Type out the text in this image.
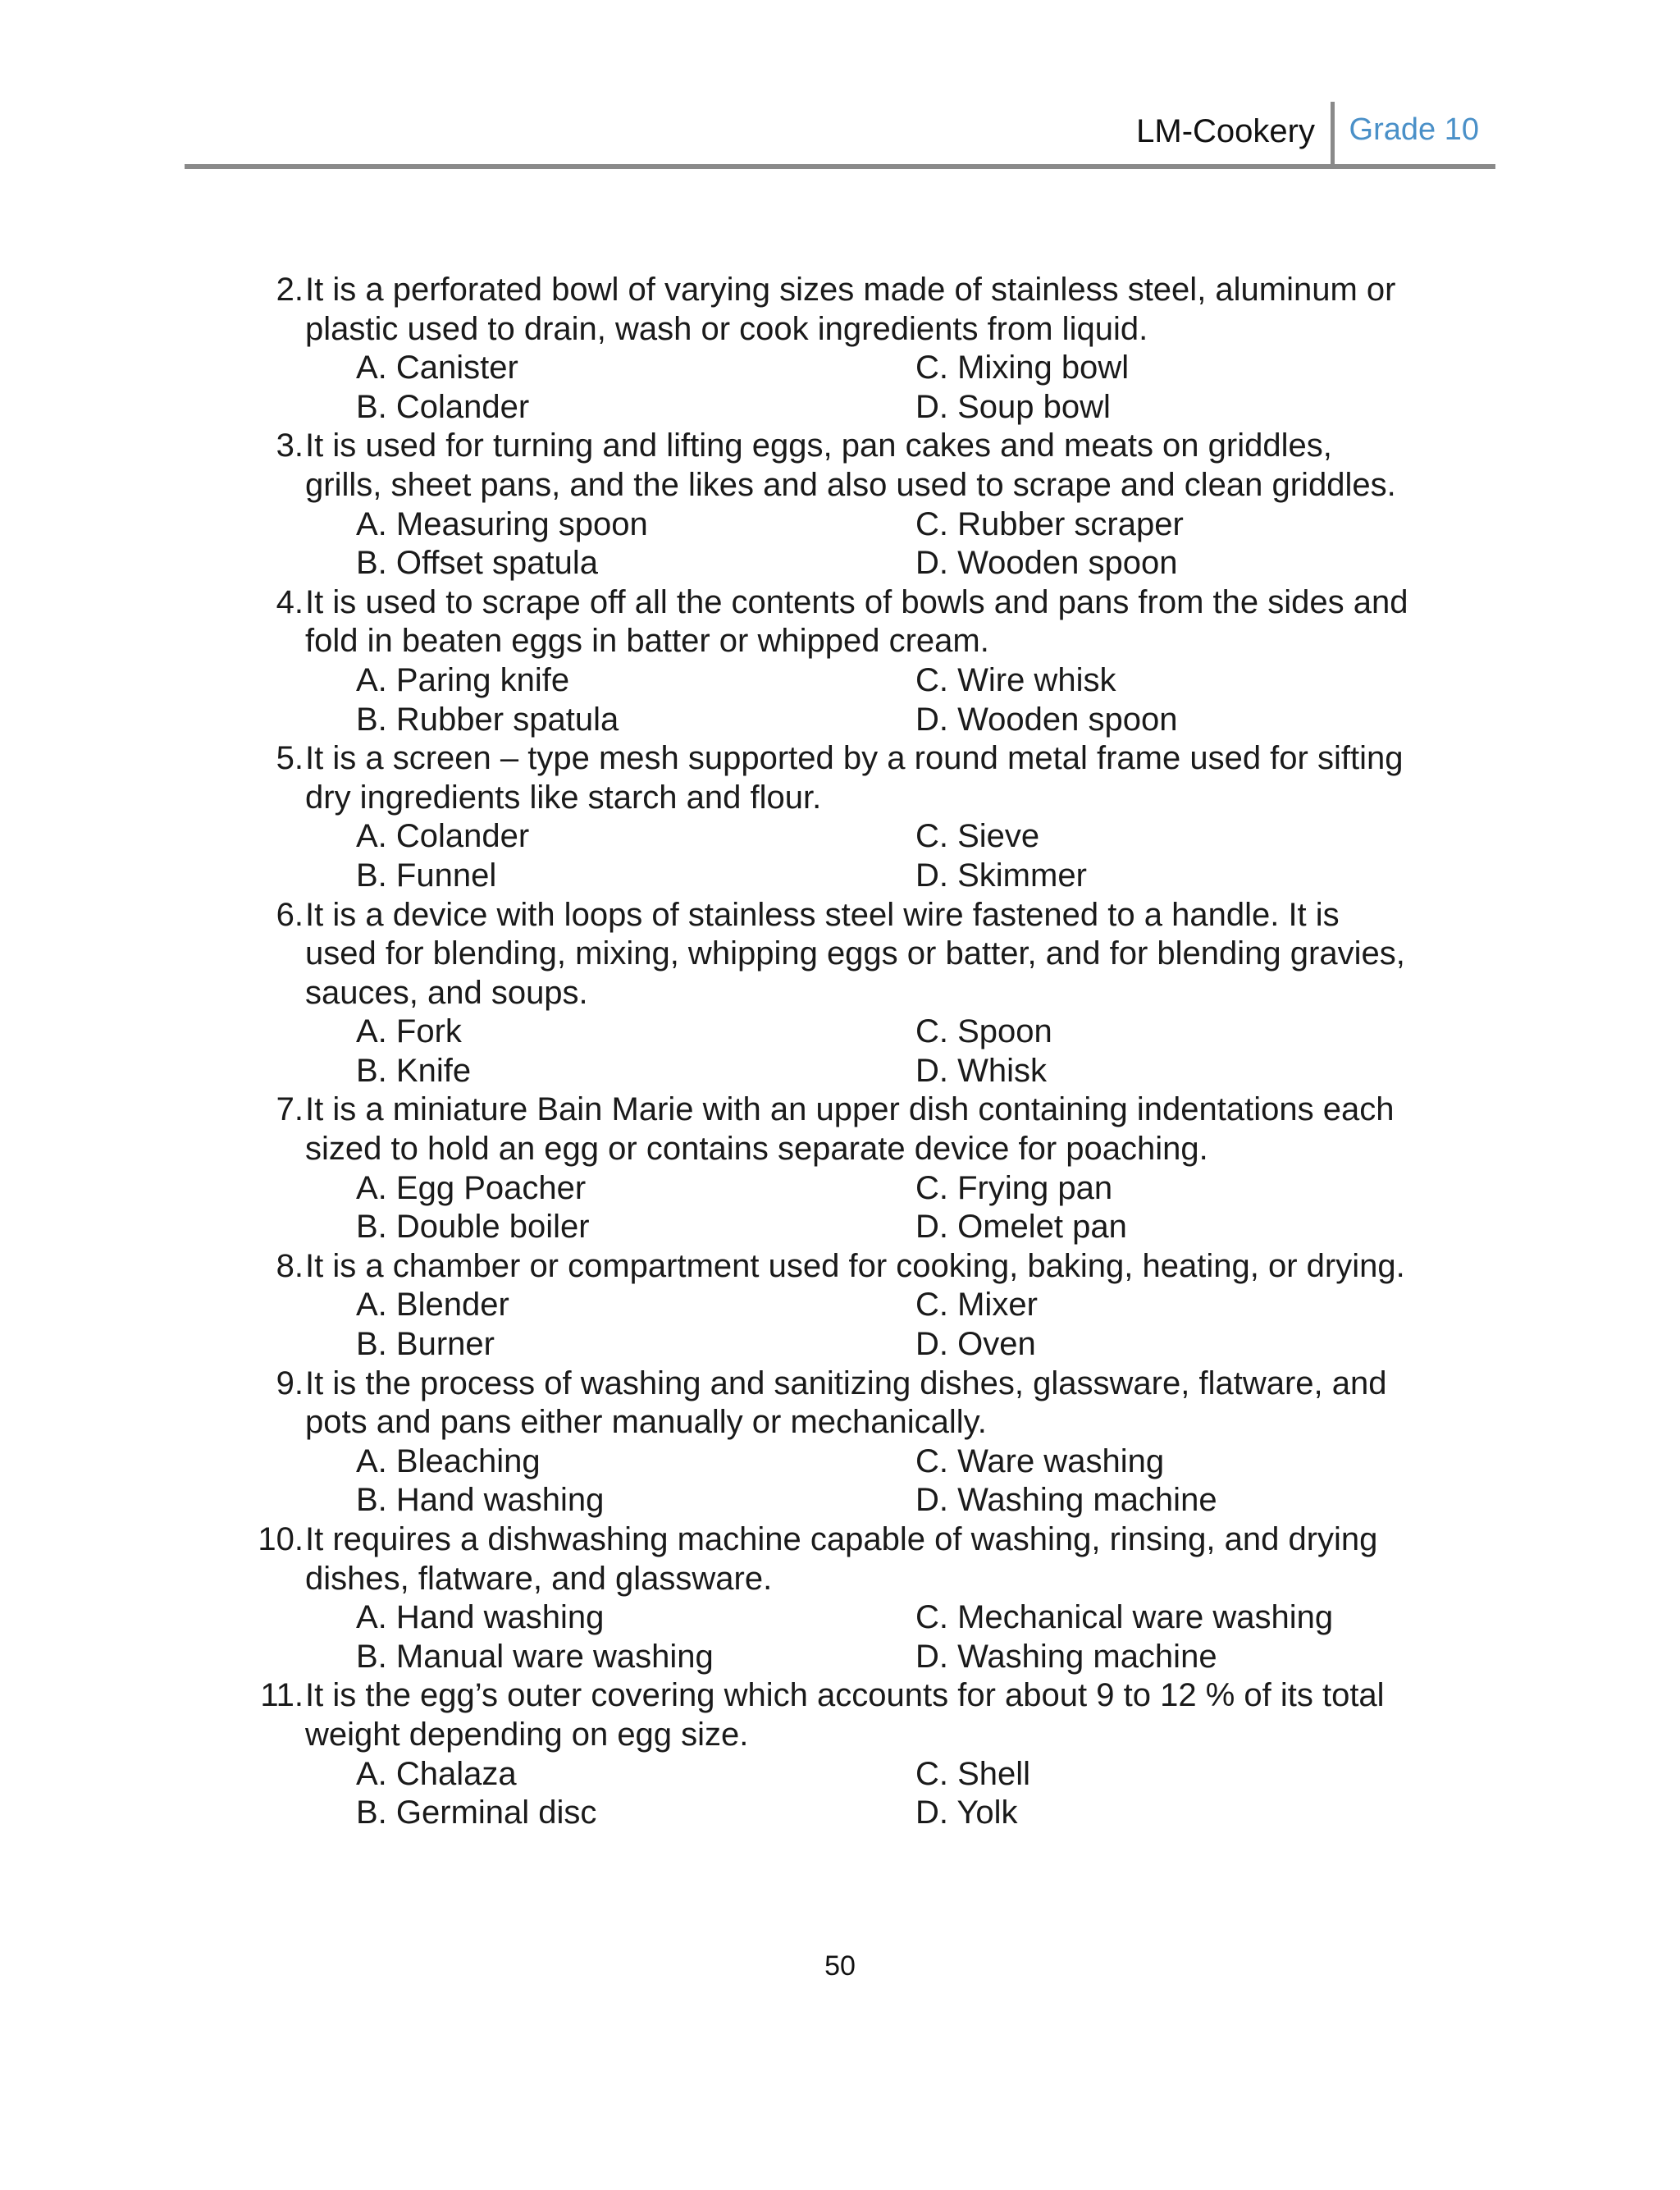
LM-Cookery Grade 10
2. It is a perforated bowl of varying sizes made of stainless steel, aluminum or plastic used to drain, wash or cook ingredients from liquid.
A. Canister	C. Mixing bowl
B. Colander	D. Soup bowl
3. It is used for turning and lifting eggs, pan cakes and meats on griddles, grills, sheet pans, and the likes and also used to scrape and clean griddles.
A. Measuring spoon	C. Rubber scraper
B. Offset spatula	D. Wooden spoon
4. It is used to scrape off all the contents of bowls and pans from the sides and fold in beaten eggs in batter or whipped cream.
A. Paring knife	C. Wire whisk
B. Rubber spatula	D. Wooden spoon
5. It is a screen – type mesh supported by a round metal frame used for sifting dry ingredients like starch and flour.
A. Colander	C. Sieve
B. Funnel	D. Skimmer
6. It is a device with loops of stainless steel wire fastened to a handle. It is used for blending, mixing, whipping eggs or batter, and for blending gravies, sauces, and soups.
A. Fork	C. Spoon
B. Knife	D. Whisk
7. It is a miniature Bain Marie with an upper dish containing indentations each sized to hold an egg or contains separate device for poaching.
A. Egg Poacher	C. Frying pan
B. Double boiler	D. Omelet pan
8. It is a chamber or compartment used for cooking, baking, heating, or drying.
A. Blender	C. Mixer
B. Burner	D. Oven
9. It is the process of washing and sanitizing dishes, glassware, flatware, and pots and pans either manually or mechanically.
A. Bleaching	C. Ware washing
B. Hand washing	D. Washing machine
10. It requires a dishwashing machine capable of washing, rinsing, and drying dishes, flatware, and glassware.
A. Hand washing	C. Mechanical ware washing
B. Manual ware washing	D. Washing machine
11. It is the egg’s outer covering which accounts for about 9 to 12 % of its total weight depending on egg size.
A. Chalaza	C. Shell
B. Germinal disc	D. Yolk
50
